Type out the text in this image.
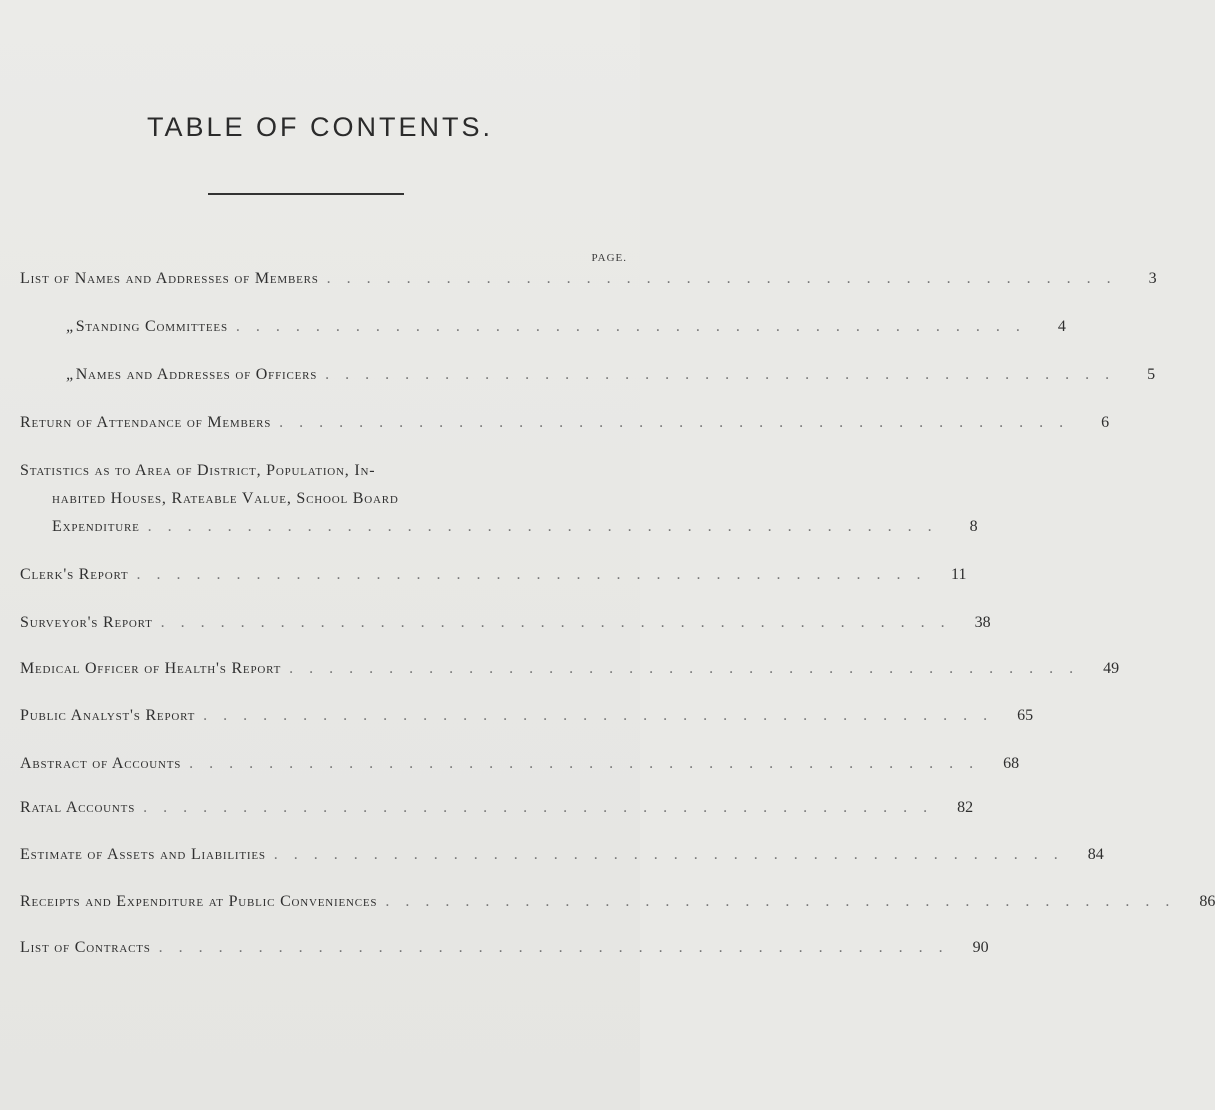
TABLE OF CONTENTS.
PAGE.
List of Names and Addresses of Members . . . . . . . . . . . . . . . . . . . . . . . . . . . . . . . . . . . . . . . .	3
„ Standing Committees . . . . . . . . . . . . . . . . . . . . . . . . . . . . . . . . . . . . . . . .	4
„ Names and Addresses of Officers . . . . . . . . . . . . . . . . . . . . . . . . . . . . . . . . . . . . . . . .	5
Return of Attendance of Members . . . . . . . . . . . . . . . . . . . . . . . . . . . . . . . . . . . . . . . .	6
Statistics as to Area of District, Population, In-
habited Houses, Rateable Value, School Board
Expenditure . . . . . . . . . . . . . . . . . . . . . . . . . . . . . . . . . . . . . . . .	8
Clerk's Report . . . . . . . . . . . . . . . . . . . . . . . . . . . . . . . . . . . . . . . .	11
Surveyor's Report . . . . . . . . . . . . . . . . . . . . . . . . . . . . . . . . . . . . . . . .	38
Medical Officer of Health's Report . . . . . . . . . . . . . . . . . . . . . . . . . . . . . . . . . . . . . . . .	49
Public Analyst's Report . . . . . . . . . . . . . . . . . . . . . . . . . . . . . . . . . . . . . . . .	65
Abstract of Accounts . . . . . . . . . . . . . . . . . . . . . . . . . . . . . . . . . . . . . . . .	68
Ratal Accounts . . . . . . . . . . . . . . . . . . . . . . . . . . . . . . . . . . . . . . . .	82
Estimate of Assets and Liabilities . . . . . . . . . . . . . . . . . . . . . . . . . . . . . . . . . . . . . . . .	84
Receipts and Expenditure at Public Conveniences . . . . . . . . . . . . . . . . . . . . . . . . . . . . . . . . . . . . . . . .	86
List of Contracts . . . . . . . . . . . . . . . . . . . . . . . . . . . . . . . . . . . . . . . .	90
